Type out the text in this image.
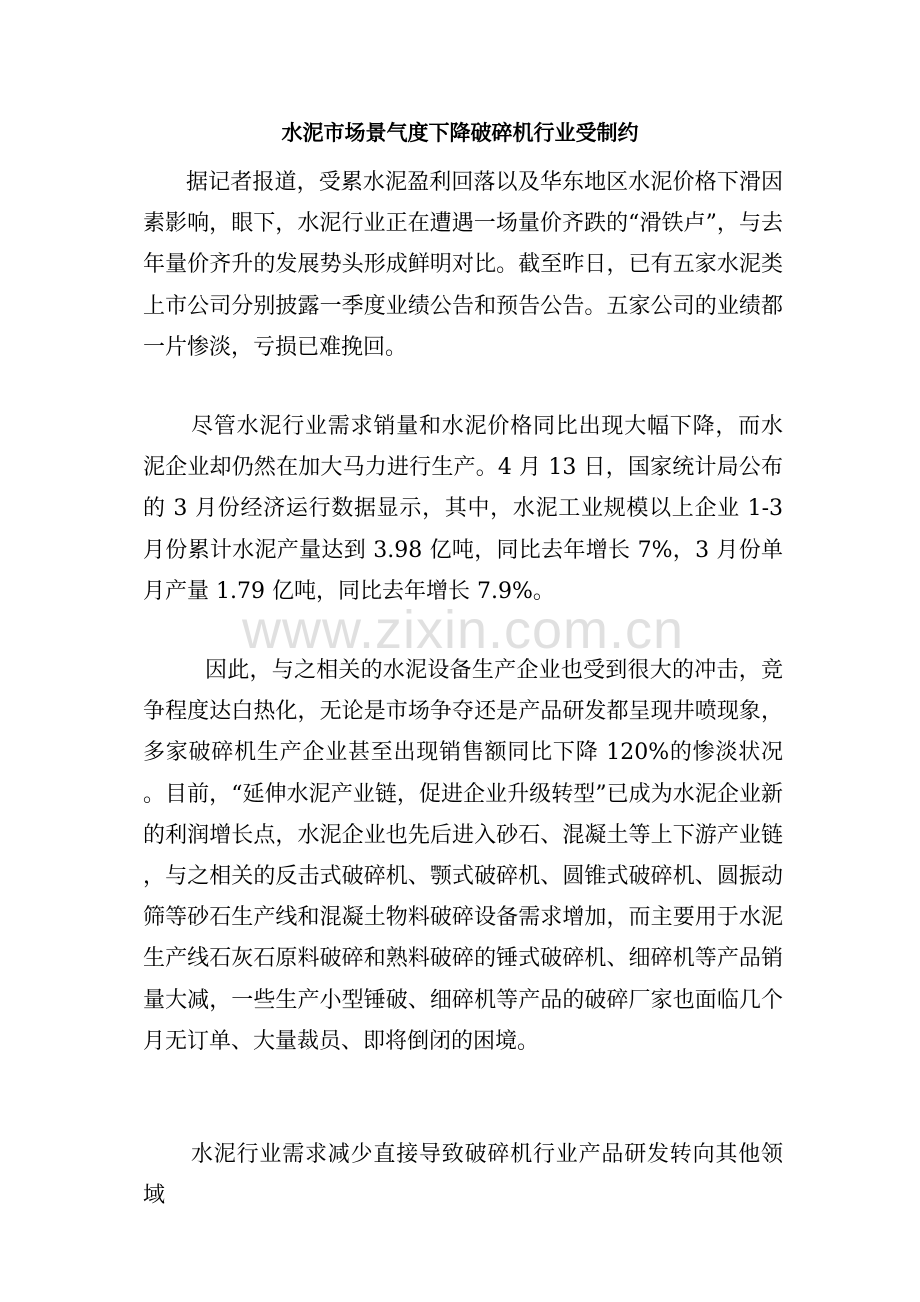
水泥市场景气度下降破碎机行业受制约

据记者报道，受累水泥盈利回落以及华东地区水泥价格下滑因素影响，眼下，水泥行业正在遭遇一场量价齐跌的“滑铁卢”，与去年量价齐升的发展势头形成鲜明对比。截至昨日，已有五家水泥类上市公司分别披露一季度业绩公告和预告公告。五家公司的业绩都一片惨淡，亏损已难挽回。

尽管水泥行业需求销量和水泥价格同比出现大幅下降，而水泥企业却仍然在加大马力进行生产。4 月 13 日，国家统计局公布的 3 月份经济运行数据显示，其中，水泥工业规模以上企业 1-3 月份累计水泥产量达到 3.98 亿吨，同比去年增长 7%，3 月份单月产量 1.79 亿吨，同比去年增长 7.9%。

因此，与之相关的水泥设备生产企业也受到很大的冲击，竞争程度达白热化，无论是市场争夺还是产品研发都呈现井喷现象，多家破碎机生产企业甚至出现销售额同比下降 120%的惨淡状况。目前，“延伸水泥产业链，促进企业升级转型”已成为水泥企业新的利润增长点，水泥企业也先后进入砂石、混凝土等上下游产业链，与之相关的反击式破碎机、颚式破碎机、圆锥式破碎机、圆振动筛等砂石生产线和混凝土物料破碎设备需求增加，而主要用于水泥生产线石灰石原料破碎和熟料破碎的锤式破碎机、细碎机等产品销量大减，一些生产小型锤破、细碎机等产品的破碎厂家也面临几个月无订单、大量裁员、即将倒闭的困境。

水泥行业需求减少直接导致破碎机行业产品研发转向其他领域

www.zixin.com.cn
